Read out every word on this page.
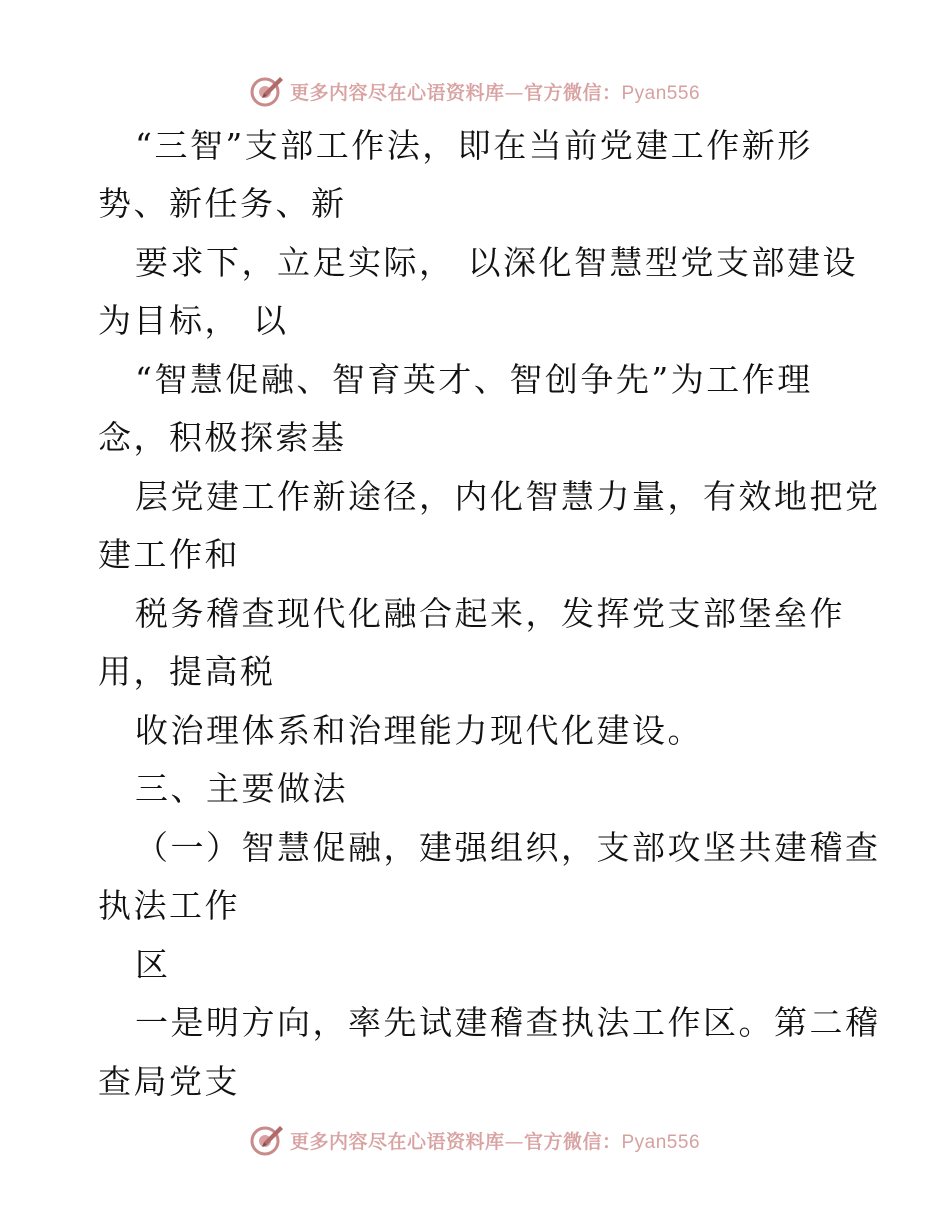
更多内容尽在心语资料库—官方微信：Pyan556
“三智”支部工作法，即在当前党建工作新形
势、新任务、新
要求下，立足实际， 以深化智慧型党支部建设
为目标， 以
“智慧促融、智育英才、智创争先”为工作理
念，积极探索基
层党建工作新途径，内化智慧力量，有效地把党
建工作和
税务稽查现代化融合起来，发挥党支部堡垒作
用，提高税
收治理体系和治理能力现代化建设。
三、主要做法
（一）智慧促融，建强组织，支部攻坚共建稽查
执法工作
区
一是明方向，率先试建稽查执法工作区。第二稽
查局党支
更多内容尽在心语资料库—官方微信：Pyan556
